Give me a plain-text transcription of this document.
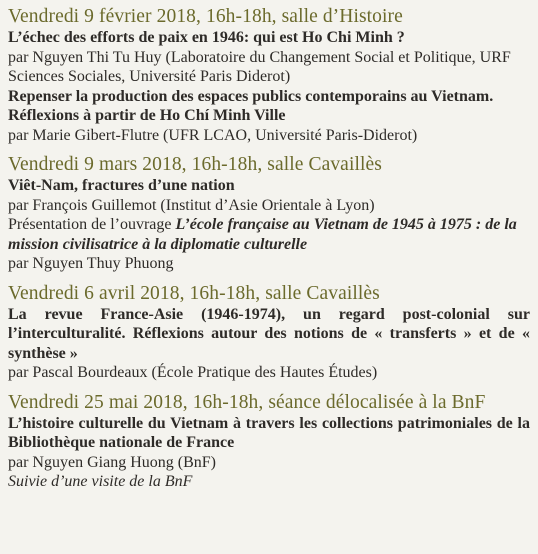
Vendredi 9 février 2018, 16h-18h, salle d’Histoire

L’échec des efforts de paix en 1946: qui est Ho Chi Minh ?

par Nguyen Thi Tu Huy (Laboratoire du Changement Social et Politique, URF Sciences Sociales, Université Paris Diderot)

Repenser la production des espaces publics contemporains au Vietnam. Réflexions à partir de Ho Chí Minh Ville

par Marie Gibert-Flutre (UFR LCAO, Université Paris-Diderot)

Vendredi 9 mars 2018, 16h-18h, salle Cavaillès

Viêt-Nam, fractures d’une nation

par François Guillemot (Institut d’Asie Orientale à Lyon)

Présentation de l’ouvrage L’école française au Vietnam de 1945 à 1975 : de la mission civilisatrice à la diplomatie culturelle

par Nguyen Thuy Phuong

Vendredi 6 avril 2018, 16h-18h, salle Cavaillès

La revue France-Asie (1946-1974), un regard post-colonial sur l’interculturalité. Réflexions autour des notions de « transferts » et de « synthèse »

par Pascal Bourdeaux (École Pratique des Hautes Études)

Vendredi 25 mai 2018, 16h-18h, séance délocalisée à la BnF

L’histoire culturelle du Vietnam à travers les collections patrimoniales de la Bibliothèque nationale de France

par Nguyen Giang Huong (BnF)

Suivie d’une visite de la BnF
